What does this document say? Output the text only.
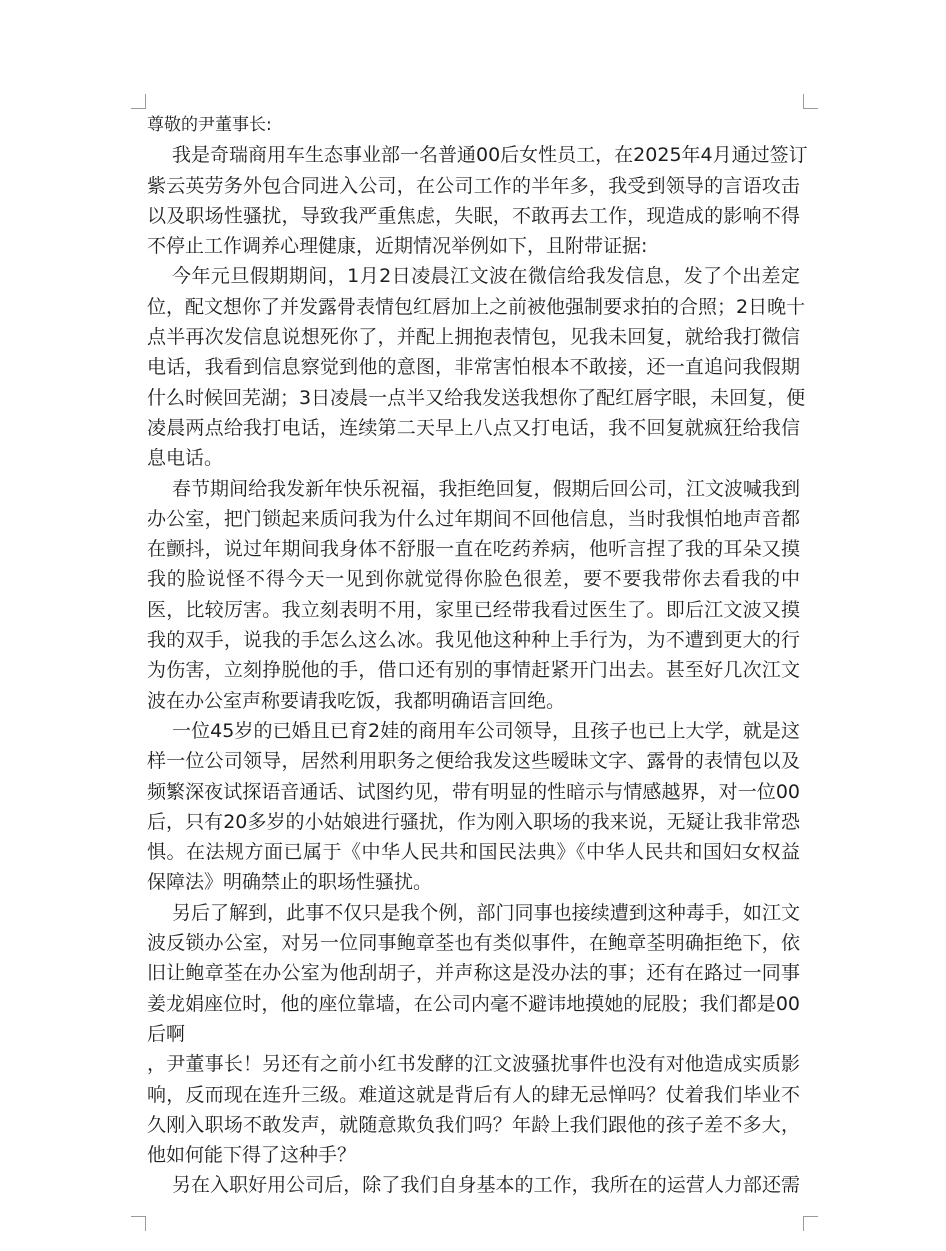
尊敬的尹董事长:
我是奇瑞商用车生态事业部一名普通00后女性员工，在2025年4月通过签订
紫云英劳务外包合同进入公司，在公司工作的半年多，我受到领导的言语攻击
以及职场性骚扰，导致我严重焦虑，失眠，不敢再去工作，现造成的影响不得
不停止工作调养心理健康，近期情况举例如下，且附带证据:
今年元旦假期期间，1月2日凌晨江文波在微信给我发信息，发了个出差定
位，配文想你了并发露骨表情包红唇加上之前被他强制要求拍的合照；2日晚十
点半再次发信息说想死你了，并配上拥抱表情包，见我未回复，就给我打微信
电话，我看到信息察觉到他的意图，非常害怕根本不敢接，还一直追问我假期
什么时候回芜湖；3日凌晨一点半又给我发送我想你了配红唇字眼，未回复，便
凌晨两点给我打电话，连续第二天早上八点又打电话，我不回复就疯狂给我信
息电话。
春节期间给我发新年快乐祝福，我拒绝回复，假期后回公司，江文波喊我到
办公室，把门锁起来质问我为什么过年期间不回他信息，当时我惧怕地声音都
在颤抖，说过年期间我身体不舒服一直在吃药养病，他听言捏了我的耳朵又摸
我的脸说怪不得今天一见到你就觉得你脸色很差，要不要我带你去看我的中
医，比较厉害。我立刻表明不用，家里已经带我看过医生了。即后江文波又摸
我的双手，说我的手怎么这么冰。我见他这种种上手行为，为不遭到更大的行
为伤害，立刻挣脱他的手，借口还有别的事情赶紧开门出去。甚至好几次江文
波在办公室声称要请我吃饭，我都明确语言回绝。
一位45岁的已婚且已育2娃的商用车公司领导，且孩子也已上大学，就是这
样一位公司领导，居然利用职务之便给我发这些暧昧文字、露骨的表情包以及
频繁深夜试探语音通话、试图约见，带有明显的性暗示与情感越界，对一位00
后，只有20多岁的小姑娘进行骚扰，作为刚入职场的我来说，无疑让我非常恐
惧。在法规方面已属于《中华人民共和国民法典》《中华人民共和国妇女权益
保障法》明确禁止的职场性骚扰。
另后了解到，此事不仅只是我个例，部门同事也接续遭到这种毒手，如江文
波反锁办公室，对另一位同事鲍章荃也有类似事件，在鲍章荃明确拒绝下，依
旧让鲍章荃在办公室为他刮胡子，并声称这是没办法的事；还有在路过一同事
姜龙娟座位时，他的座位靠墙，在公司内毫不避讳地摸她的屁股；我们都是00
后啊
，尹董事长！另还有之前小红书发酵的江文波骚扰事件也没有对他造成实质影
响，反而现在连升三级。难道这就是背后有人的肆无忌惮吗？仗着我们毕业不
久刚入职场不敢发声，就随意欺负我们吗？年龄上我们跟他的孩子差不多大，
他如何能下得了这种手？
另在入职好用公司后，除了我们自身基本的工作，我所在的运营人力部还需
